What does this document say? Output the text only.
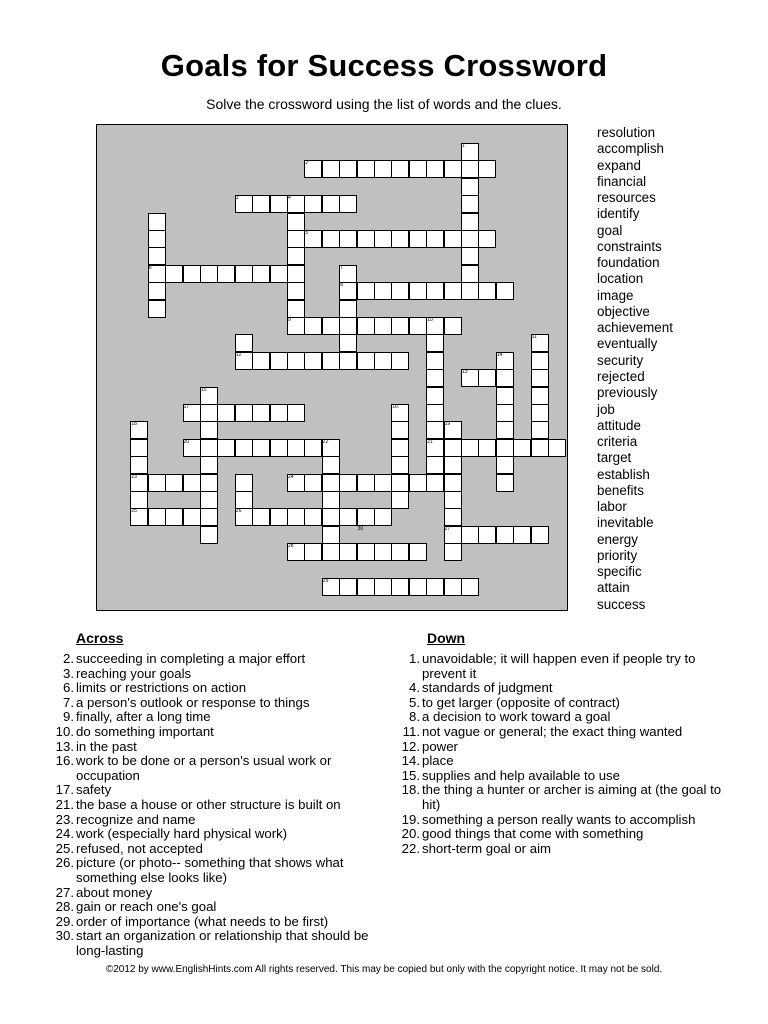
Goals for Success Crossword
Solve the crossword using the list of words and the clues.
1
2
3	4
5
6	7
8
9	10
11
12
13
14
15
16
17
18	19
20	21
22
23	24
25	26
27
28
29
30
resolution
accomplish
expand
financial
resources
identify
goal
constraints
foundation
location
image
objective
achievement
eventually
security
rejected
previously
job
attitude
criteria
target
establish
benefits
labor
inevitable
energy
priority
specific
attain
success
Across	Down
2. succeeding in completing a major effort
3. reaching your goals
6. limits or restrictions on action
7. a person's outlook or response to things
9. finally, after a long time
10. do something important
13. in the past
16. work to be done or a person's usual work or occupation
17. safety
21. the base a house or other structure is built on
23. recognize and name
24. work (especially hard physical work)
25. refused, not accepted
26. picture (or photo-- something that shows what something else looks like)
27. about money
28. gain or reach one's goal
29. order of importance (what needs to be first)
30. start an organization or relationship that should be long-lasting
1. unavoidable; it will happen even if people try to prevent it
4. standards of judgment
5. to get larger (opposite of contract)
8. a decision to work toward a goal
11. not vague or general; the exact thing wanted
12. power
14. place
15. supplies and help available to use
18. the thing a hunter or archer is aiming at (the goal to hit)
19. something a person really wants to accomplish
20. good things that come with something
22. short-term goal or aim
©2012 by www.EnglishHints.com All rights reserved. This may be copied but only with the copyright notice. It may not be sold.
